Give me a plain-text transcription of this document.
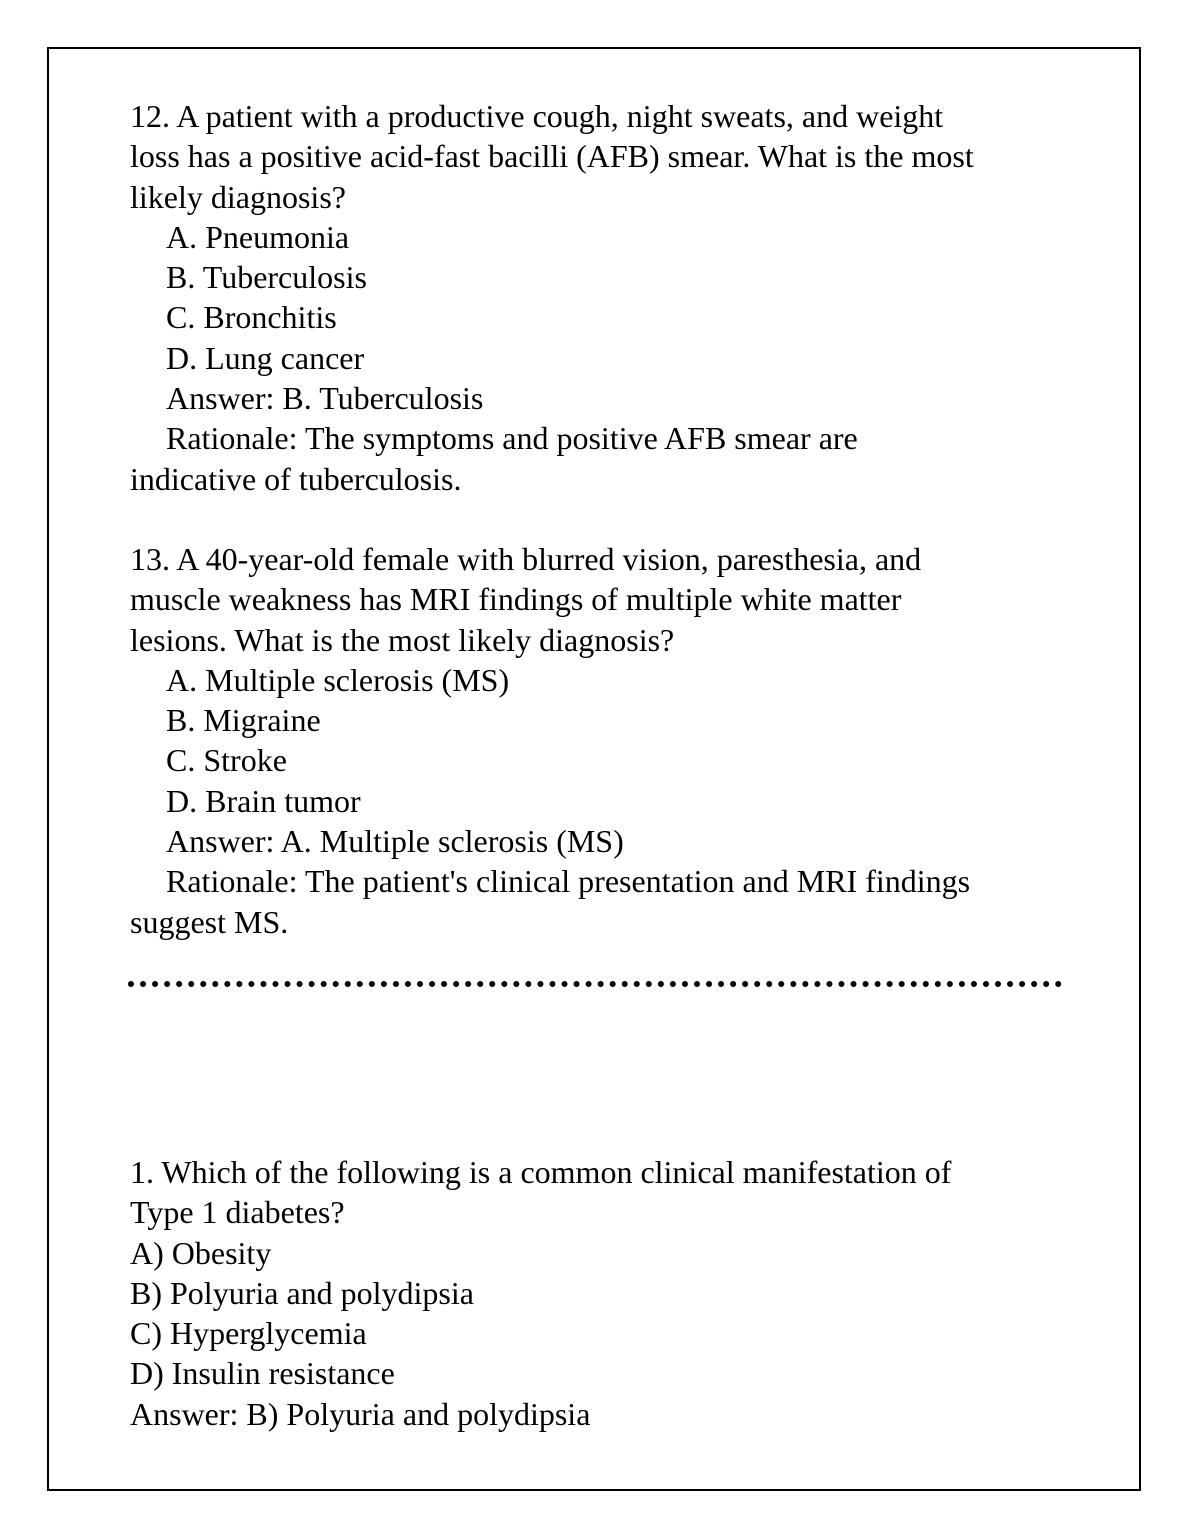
12. A patient with a productive cough, night sweats, and weight
loss has a positive acid-fast bacilli (AFB) smear. What is the most
likely diagnosis?
A. Pneumonia
B. Tuberculosis
C. Bronchitis
D. Lung cancer
Answer: B. Tuberculosis
Rationale: The symptoms and positive AFB smear are
indicative of tuberculosis.
13. A 40-year-old female with blurred vision, paresthesia, and
muscle weakness has MRI findings of multiple white matter
lesions. What is the most likely diagnosis?
A. Multiple sclerosis (MS)
B. Migraine
C. Stroke
D. Brain tumor
Answer: A. Multiple sclerosis (MS)
Rationale: The patient's clinical presentation and MRI findings
suggest MS.
1. Which of the following is a common clinical manifestation of
Type 1 diabetes?
A) Obesity
B) Polyuria and polydipsia
C) Hyperglycemia
D) Insulin resistance
Answer: B) Polyuria and polydipsia
